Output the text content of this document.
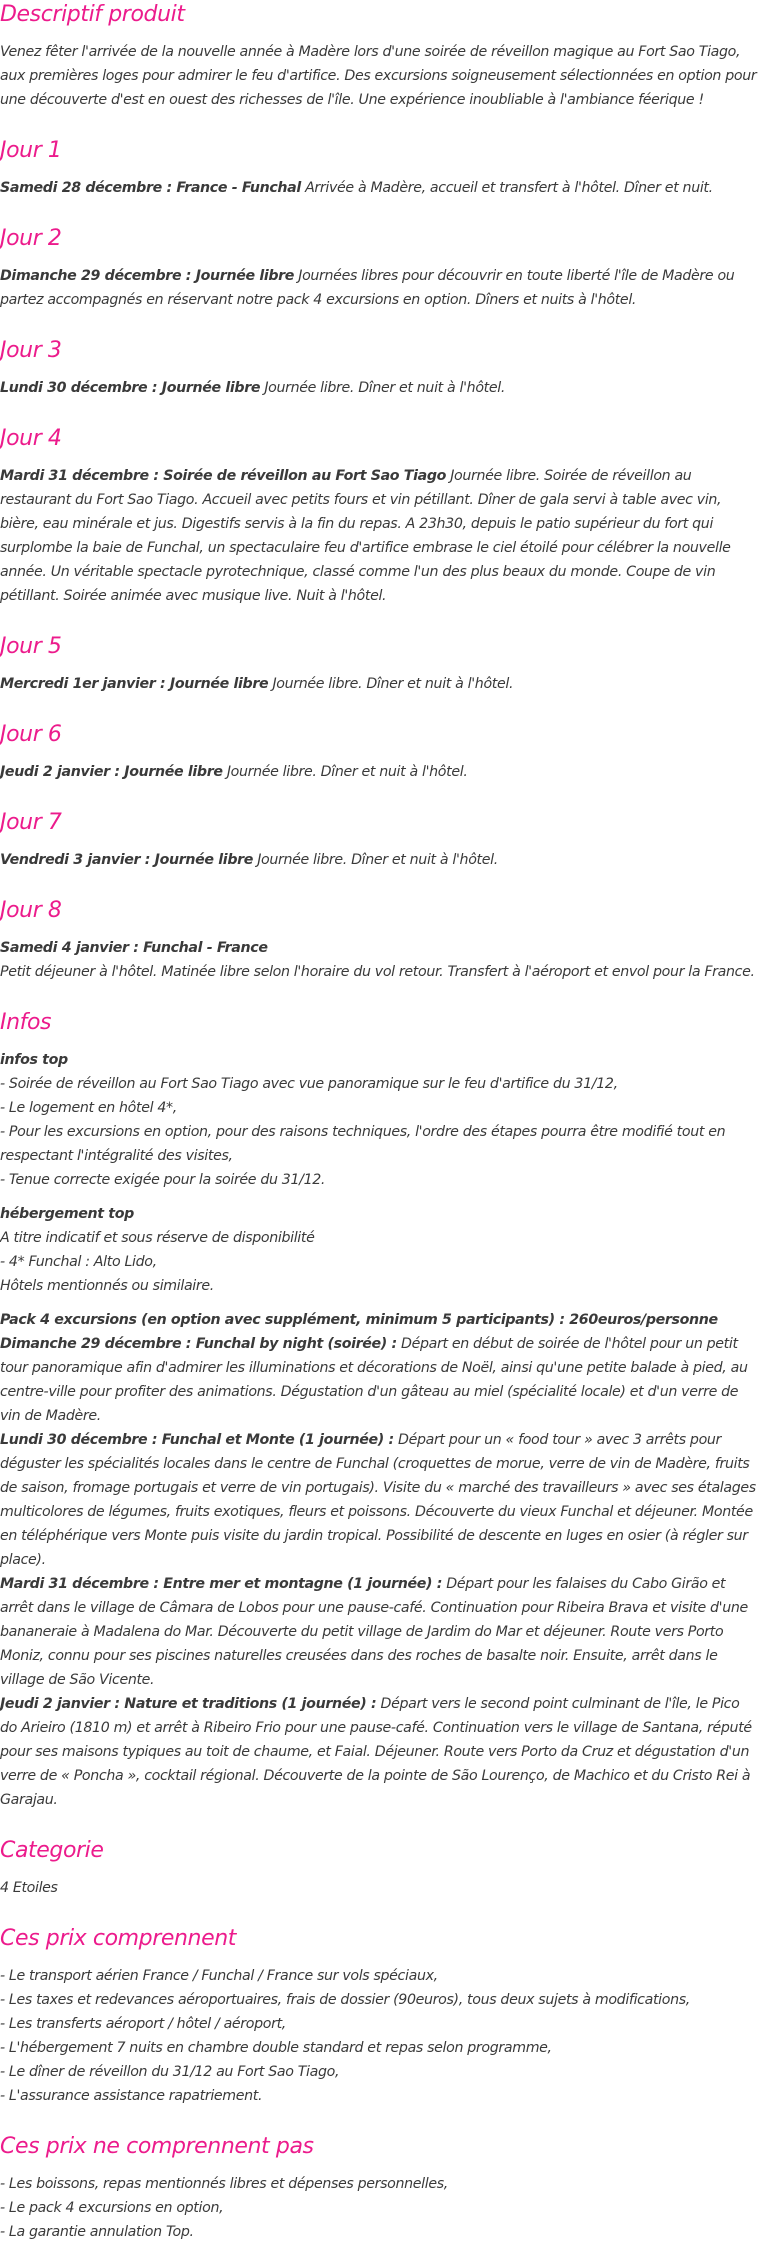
Descriptif produit

Venez fêter l'arrivée de la nouvelle année à Madère lors d'une soirée de réveillon magique au Fort Sao Tiago, aux premières loges pour admirer le feu d'artifice. Des excursions soigneusement sélectionnées en option pour une découverte d'est en ouest des richesses de l'île. Une expérience inoubliable à l'ambiance féerique !

Jour 1

Samedi 28 décembre : France - Funchal Arrivée à Madère, accueil et transfert à l'hôtel. Dîner et nuit.

Jour 2

Dimanche 29 décembre : Journée libre Journées libres pour découvrir en toute liberté l'île de Madère ou partez accompagnés en réservant notre pack 4 excursions en option. Dîners et nuits à l'hôtel.

Jour 3

Lundi 30 décembre : Journée libre Journée libre. Dîner et nuit à l'hôtel.

Jour 4

Mardi 31 décembre : Soirée de réveillon au Fort Sao Tiago Journée libre. Soirée de réveillon au restaurant du Fort Sao Tiago. Accueil avec petits fours et vin pétillant. Dîner de gala servi à table avec vin, bière, eau minérale et jus. Digestifs servis à la fin du repas. A 23h30, depuis le patio supérieur du fort qui surplombe la baie de Funchal, un spectaculaire feu d'artifice embrase le ciel étoilé pour célébrer la nouvelle année. Un véritable spectacle pyrotechnique, classé comme l'un des plus beaux du monde. Coupe de vin pétillant. Soirée animée avec musique live. Nuit à l'hôtel.

Jour 5

Mercredi 1er janvier : Journée libre Journée libre. Dîner et nuit à l'hôtel.

Jour 6

Jeudi 2 janvier : Journée libre Journée libre. Dîner et nuit à l'hôtel.

Jour 7

Vendredi 3 janvier : Journée libre Journée libre. Dîner et nuit à l'hôtel.

Jour 8

Samedi 4 janvier : Funchal - France
Petit déjeuner à l'hôtel. Matinée libre selon l'horaire du vol retour. Transfert à l'aéroport et envol pour la France.

Infos
infos top
- Soirée de réveillon au Fort Sao Tiago avec vue panoramique sur le feu d'artifice du 31/12,
- Le logement en hôtel 4*,
- Pour les excursions en option, pour des raisons techniques, l'ordre des étapes pourra être modifié tout en respectant l'intégralité des visites,
- Tenue correcte exigée pour la soirée du 31/12.
hébergement top
A titre indicatif et sous réserve de disponibilité
- 4* Funchal : Alto Lido,
Hôtels mentionnés ou similaire.
Pack 4 excursions (en option avec supplément, minimum 5 participants) : 260euros/personne
Dimanche 29 décembre : Funchal by night (soirée) : Départ en début de soirée de l'hôtel pour un petit tour panoramique afin d'admirer les illuminations et décorations de Noël, ainsi qu'une petite balade à pied, au centre-ville pour profiter des animations. Dégustation d'un gâteau au miel (spécialité locale) et d'un verre de vin de Madère.
Lundi 30 décembre : Funchal et Monte (1 journée) : Départ pour un « food tour » avec 3 arrêts pour déguster les spécialités locales dans le centre de Funchal (croquettes de morue, verre de vin de Madère, fruits de saison, fromage portugais et verre de vin portugais). Visite du « marché des travailleurs » avec ses étalages multicolores de légumes, fruits exotiques, fleurs et poissons. Découverte du vieux Funchal et déjeuner. Montée en téléphérique vers Monte puis visite du jardin tropical. Possibilité de descente en luges en osier (à régler sur place).
Mardi 31 décembre : Entre mer et montagne (1 journée) : Départ pour les falaises du Cabo Girão et arrêt dans le village de Câmara de Lobos pour une pause-café. Continuation pour Ribeira Brava et visite d'une bananeraie à Madalena do Mar. Découverte du petit village de Jardim do Mar et déjeuner. Route vers Porto Moniz, connu pour ses piscines naturelles creusées dans des roches de basalte noir. Ensuite, arrêt dans le village de São Vicente.
Jeudi 2 janvier : Nature et traditions (1 journée) : Départ vers le second point culminant de l'île, le Pico do Arieiro (1810 m) et arrêt à Ribeiro Frio pour une pause-café. Continuation vers le village de Santana, réputé pour ses maisons typiques au toit de chaume, et Faial. Déjeuner. Route vers Porto da Cruz et dégustation d'un verre de « Poncha », cocktail régional. Découverte de la pointe de São Lourenço, de Machico et du Cristo Rei à Garajau.
Categorie

4 Etoiles

Ces prix comprennent
- Le transport aérien France / Funchal / France sur vols spéciaux,
- Les taxes et redevances aéroportuaires, frais de dossier (90euros), tous deux sujets à modifications,
- Les transferts aéroport / hôtel / aéroport,
- L'hébergement 7 nuits en chambre double standard et repas selon programme,
- Le dîner de réveillon du 31/12 au Fort Sao Tiago,
- L'assurance assistance rapatriement.
Ces prix ne comprennent pas
- Les boissons, repas mentionnés libres et dépenses personnelles,
- Le pack 4 excursions en option,
- La garantie annulation Top.
